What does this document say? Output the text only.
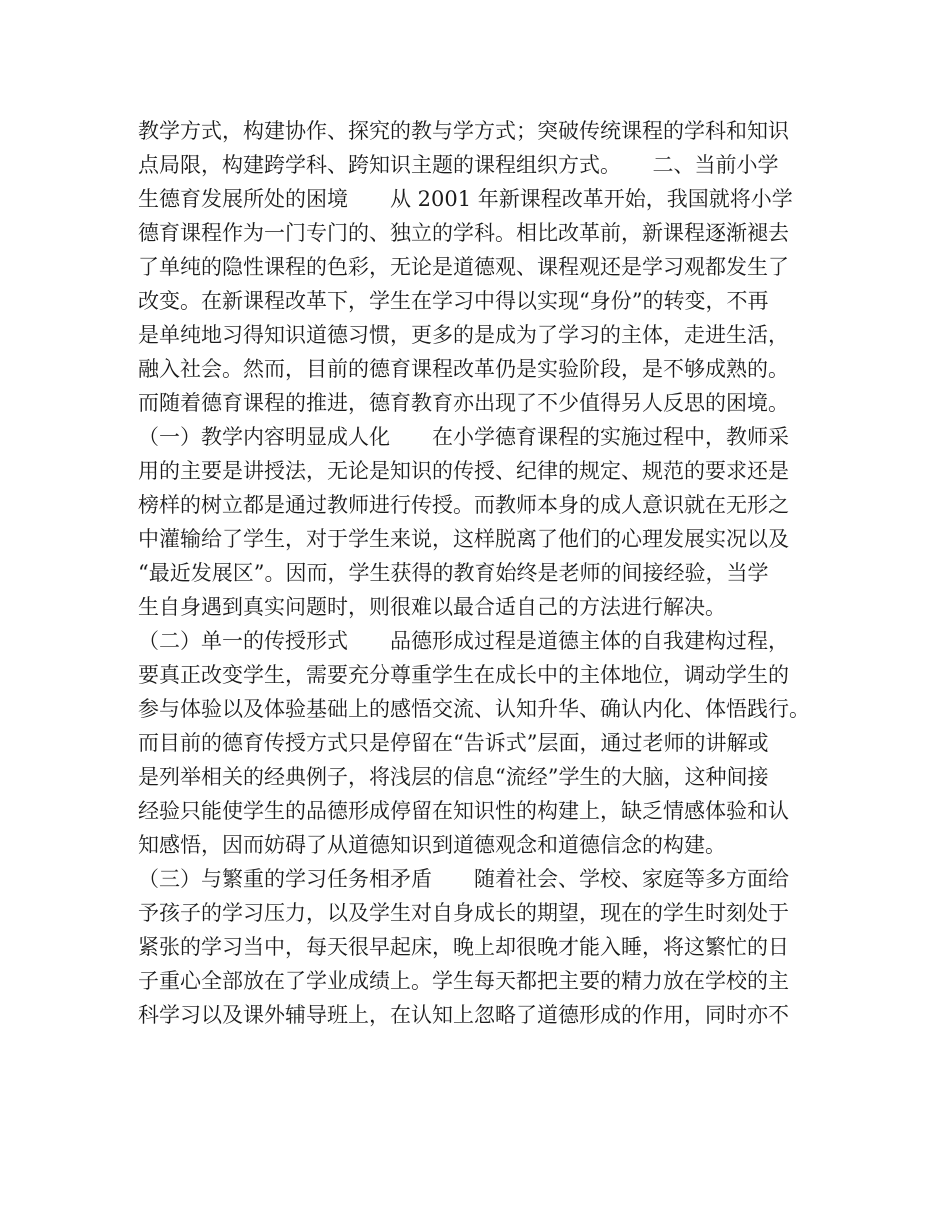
教学方式，构建协作、探究的教与学方式；突破传统课程的学科和知识
点局限，构建跨学科、跨知识主题的课程组织方式。　　二、当前小学
生德育发展所处的困境　　从 2001 年新课程改革开始，我国就将小学
德育课程作为一门专门的、独立的学科。相比改革前，新课程逐渐褪去
了单纯的隐性课程的色彩，无论是道德观、课程观还是学习观都发生了
改变。在新课程改革下，学生在学习中得以实现“身份”的转变，不再
是单纯地习得知识道德习惯，更多的是成为了学习的主体，走进生活，
融入社会。然而，目前的德育课程改革仍是实验阶段，是不够成熟的。
而随着德育课程的推进，德育教育亦出现了不少值得另人反思的困境。
（一）教学内容明显成人化　　在小学德育课程的实施过程中，教师采
用的主要是讲授法，无论是知识的传授、纪律的规定、规范的要求还是
榜样的树立都是通过教师进行传授。而教师本身的成人意识就在无形之
中灌输给了学生，对于学生来说，这样脱离了他们的心理发展实况以及
“最近发展区”。因而，学生获得的教育始终是老师的间接经验，当学
生自身遇到真实问题时，则很难以最合适自己的方法进行解决。
（二）单一的传授形式　　品德形成过程是道德主体的自我建构过程，
要真正改变学生，需要充分尊重学生在成长中的主体地位，调动学生的
参与体验以及体验基础上的感悟交流、认知升华、确认内化、体悟践行。
而目前的德育传授方式只是停留在“告诉式”层面，通过老师的讲解或
是列举相关的经典例子，将浅层的信息“流经”学生的大脑，这种间接
经验只能使学生的品德形成停留在知识性的构建上，缺乏情感体验和认
知感悟，因而妨碍了从道德知识到道德观念和道德信念的构建。
（三）与繁重的学习任务相矛盾　　随着社会、学校、家庭等多方面给
予孩子的学习压力，以及学生对自身成长的期望，现在的学生时刻处于
紧张的学习当中，每天很早起床，晚上却很晚才能入睡，将这繁忙的日
子重心全部放在了学业成绩上。学生每天都把主要的精力放在学校的主
科学习以及课外辅导班上，在认知上忽略了道德形成的作用，同时亦不
